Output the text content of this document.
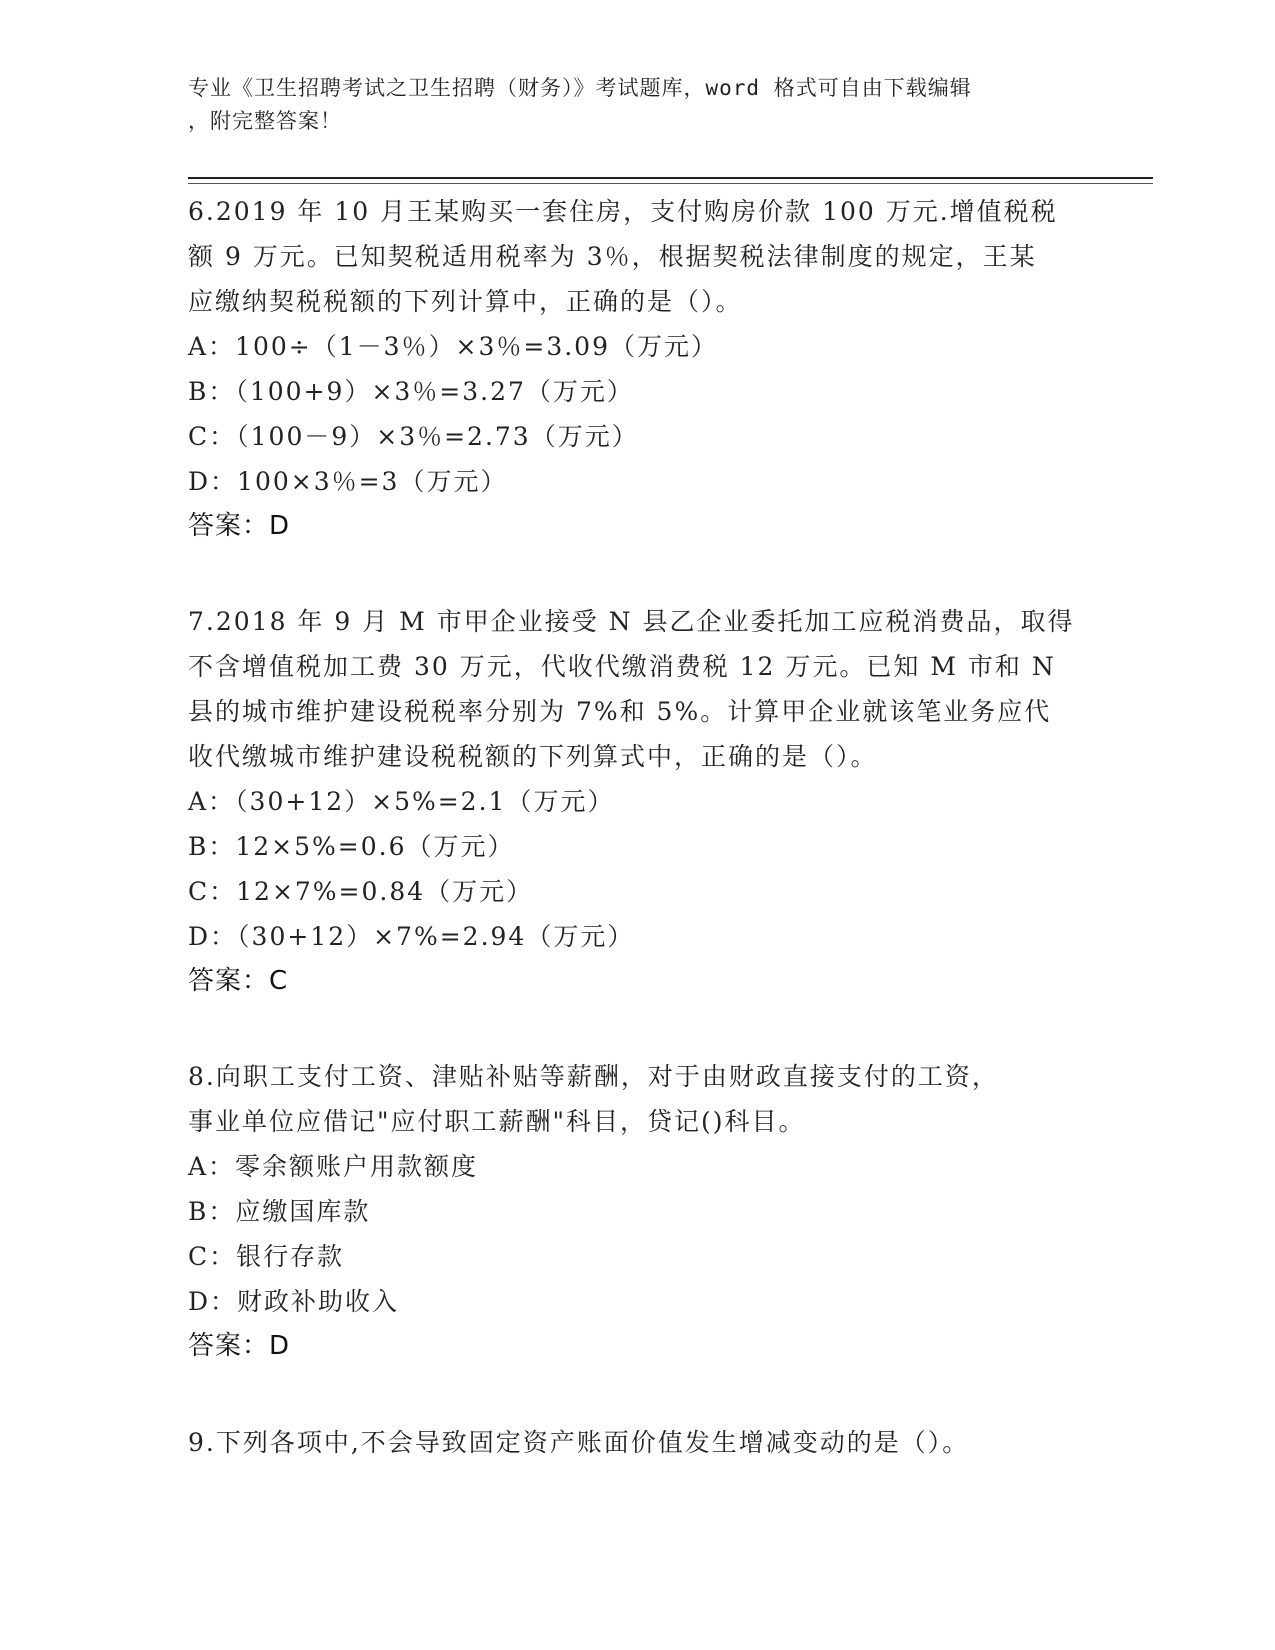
专业《卫生招聘考试之卫生招聘（财务）》考试题库，word 格式可自由下载编辑
，附完整答案！
6.2019 年 10 月王某购买一套住房，支付购房价款 100 万元.增值税税
额 9 万元。已知契税适用税率为 3％，根据契税法律制度的规定，王某
应缴纳契税税额的下列计算中，正确的是（）。
A：100÷（1－3％）×3％=3.09（万元）
B：（100+9）×3％=3.27（万元）
C：（100－9）×3％=2.73（万元）
D：100×3％=3（万元）
答案：D
7.2018 年 9 月 M 市甲企业接受 N 县乙企业委托加工应税消费品，取得
不含增值税加工费 30 万元，代收代缴消费税 12 万元。已知 M 市和 N
县的城市维护建设税税率分别为 7%和 5%。计算甲企业就该笔业务应代
收代缴城市维护建设税税额的下列算式中，正确的是（）。
A：（30+12）×5%=2.1（万元）
B：12×5%=0.6（万元）
C：12×7%=0.84（万元）
D：（30+12）×7%=2.94（万元）
答案：C
8.向职工支付工资、津贴补贴等薪酬，对于由财政直接支付的工资，
事业单位应借记"应付职工薪酬"科目，贷记()科目。
A：零余额账户用款额度
B：应缴国库款
C：银行存款
D：财政补助收入
答案：D
9.下列各项中,不会导致固定资产账面价值发生增减变动的是（）。
